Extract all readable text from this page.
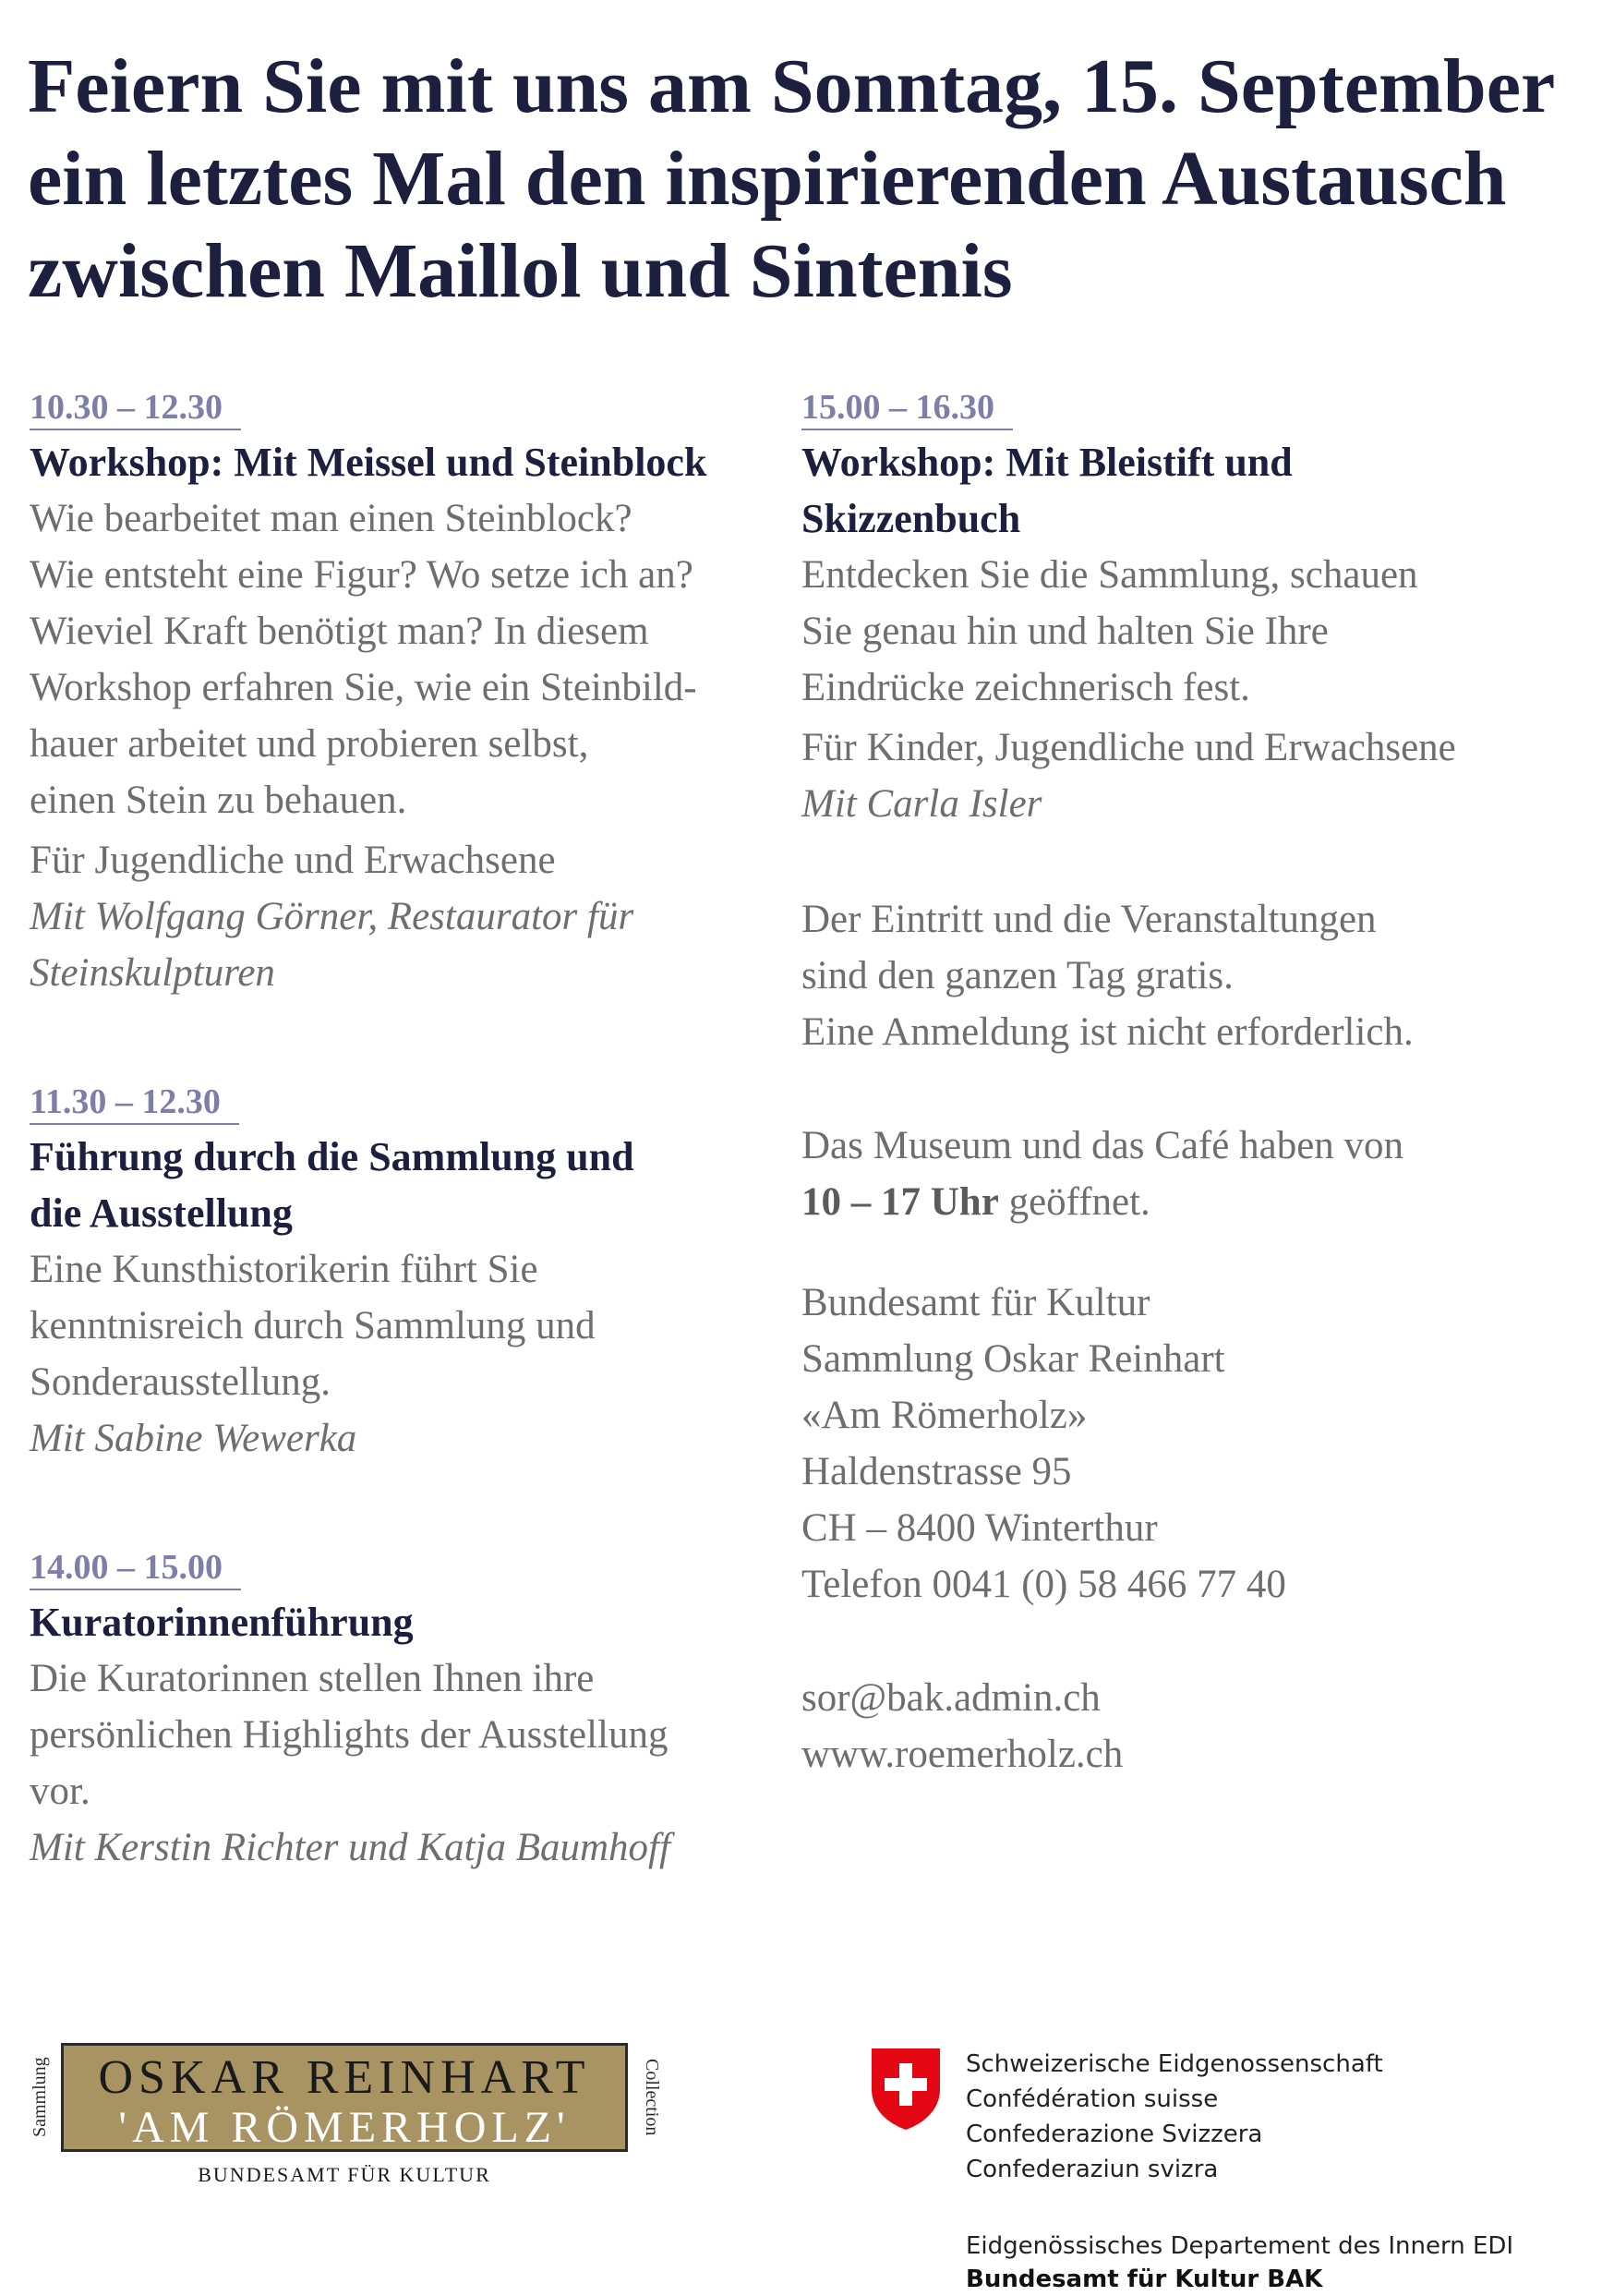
Feiern Sie mit uns am Sonntag, 15. September
ein letztes Mal den inspirierenden Austausch
zwischen Maillol und Sintenis
10.30 – 12.30
Workshop: Mit Meissel und Steinblock
Wie bearbeitet man einen Steinblock?
Wie entsteht eine Figur? Wo setze ich an?
Wieviel Kraft benötigt man? In diesem
Workshop erfahren Sie, wie ein Steinbild-
hauer arbeitet und probieren selbst,
einen Stein zu behauen.
Für Jugendliche und Erwachsene
Mit Wolfgang Görner, Restaurator für
Steinskulpturen
11.30 – 12.30
Führung durch die Sammlung und
die Ausstellung
Eine Kunsthistorikerin führt Sie
kenntnisreich durch Sammlung und
Sonderausstellung.
Mit Sabine Wewerka
14.00 – 15.00
Kuratorinnenführung
Die Kuratorinnen stellen Ihnen ihre
persönlichen Highlights der Ausstellung
vor.
Mit Kerstin Richter und Katja Baumhoff
15.00 – 16.30
Workshop: Mit Bleistift und
Skizzenbuch
Entdecken Sie die Sammlung, schauen
Sie genau hin und halten Sie Ihre
Eindrücke zeichnerisch fest.
Für Kinder, Jugendliche und Erwachsene
Mit Carla Isler
Der Eintritt und die Veranstaltungen
sind den ganzen Tag gratis.
Eine Anmeldung ist nicht erforderlich.
Das Museum und das Café haben von
10 – 17 Uhr geöffnet.
Bundesamt für Kultur
Sammlung Oskar Reinhart
«Am Römerholz»
Haldenstrasse 95
CH – 8400 Winterthur
Telefon 0041 (0) 58 466 77 40
sor@bak.admin.ch
www.roemerholz.ch
Sammlung	OSKAR REINHART
'AM RÖMERHOLZ'	Collection
BUNDESAMT FÜR KULTUR
Schweizerische Eidgenossenschaft
Confédération suisse
Confederazione Svizzera
Confederaziun svizra
Eidgenössisches Departement des Innern EDI
Bundesamt für Kultur BAK
